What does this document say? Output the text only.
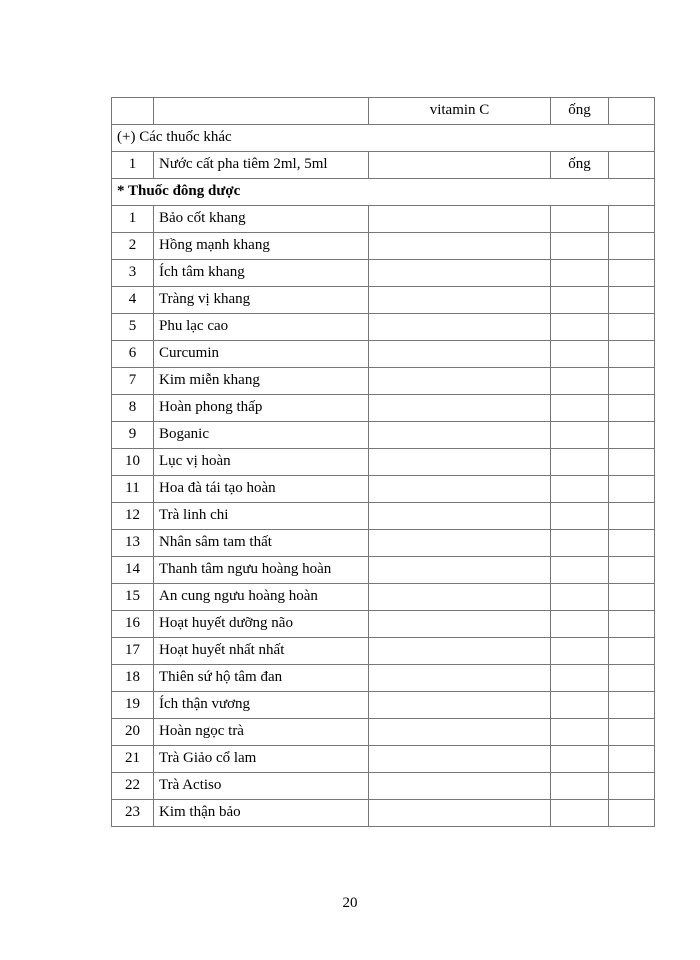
		vitamin C	ống	
(+) Các thuốc khác				
1	Nước cất pha tiêm 2ml, 5ml		ống	
* Thuốc đông dược				
1	Bảo cốt khang			
2	Hồng mạnh khang			
3	Ích tâm khang			
4	Tràng vị khang			
5	Phu lạc cao			
6	Curcumin			
7	Kim miễn khang			
8	Hoàn phong thấp			
9	Boganic			
10	Lục vị hoàn			
11	Hoa đà tái tạo hoàn			
12	Trà linh chi			
13	Nhân sâm tam thất			
14	Thanh tâm ngưu hoàng hoàn			
15	An cung ngưu hoàng hoàn			
16	Hoạt huyết dưỡng não			
17	Hoạt huyết nhất nhất			
18	Thiên sứ hộ tâm đan			
19	Ích thận vương			
20	Hoàn ngọc trà			
21	Trà Giảo cổ lam			
22	Trà Actiso			
23	Kim thận bảo			
20
